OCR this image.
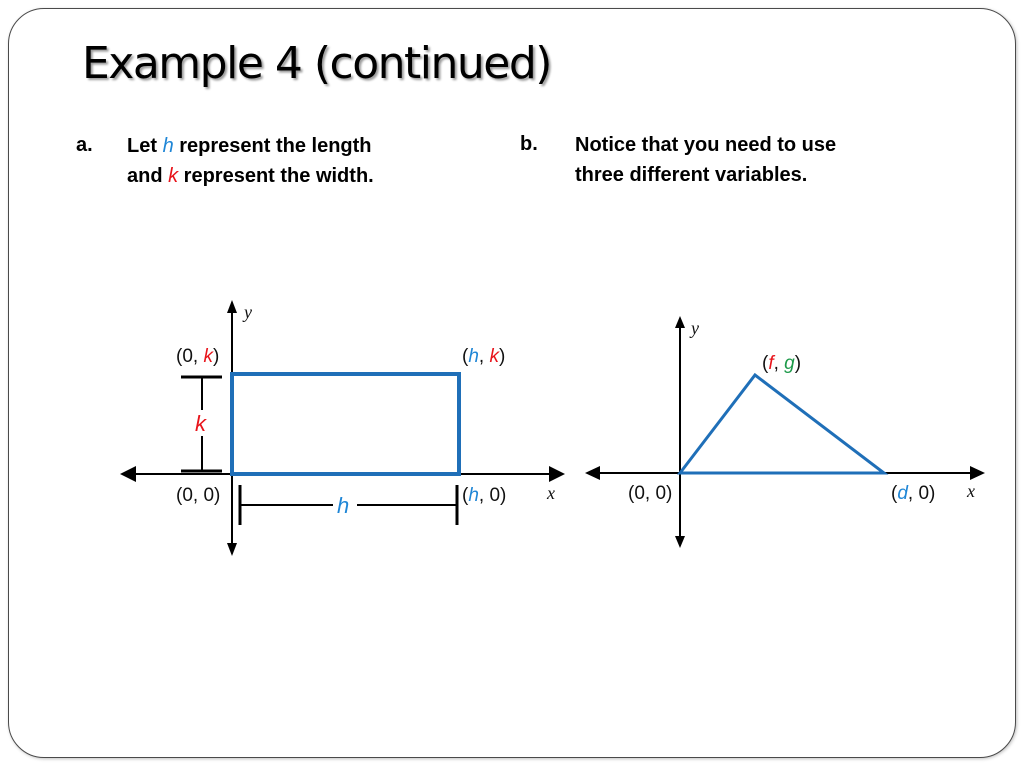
Example 4 (continued)
a. Let h represent the length
and k represent the width.
b. Notice that you need to use
three different variables.
y
x
k
h
(0, k)	(h, k)
(0, 0)	(h, 0)
y
x
(f, g)
(0, 0)	(d, 0)
